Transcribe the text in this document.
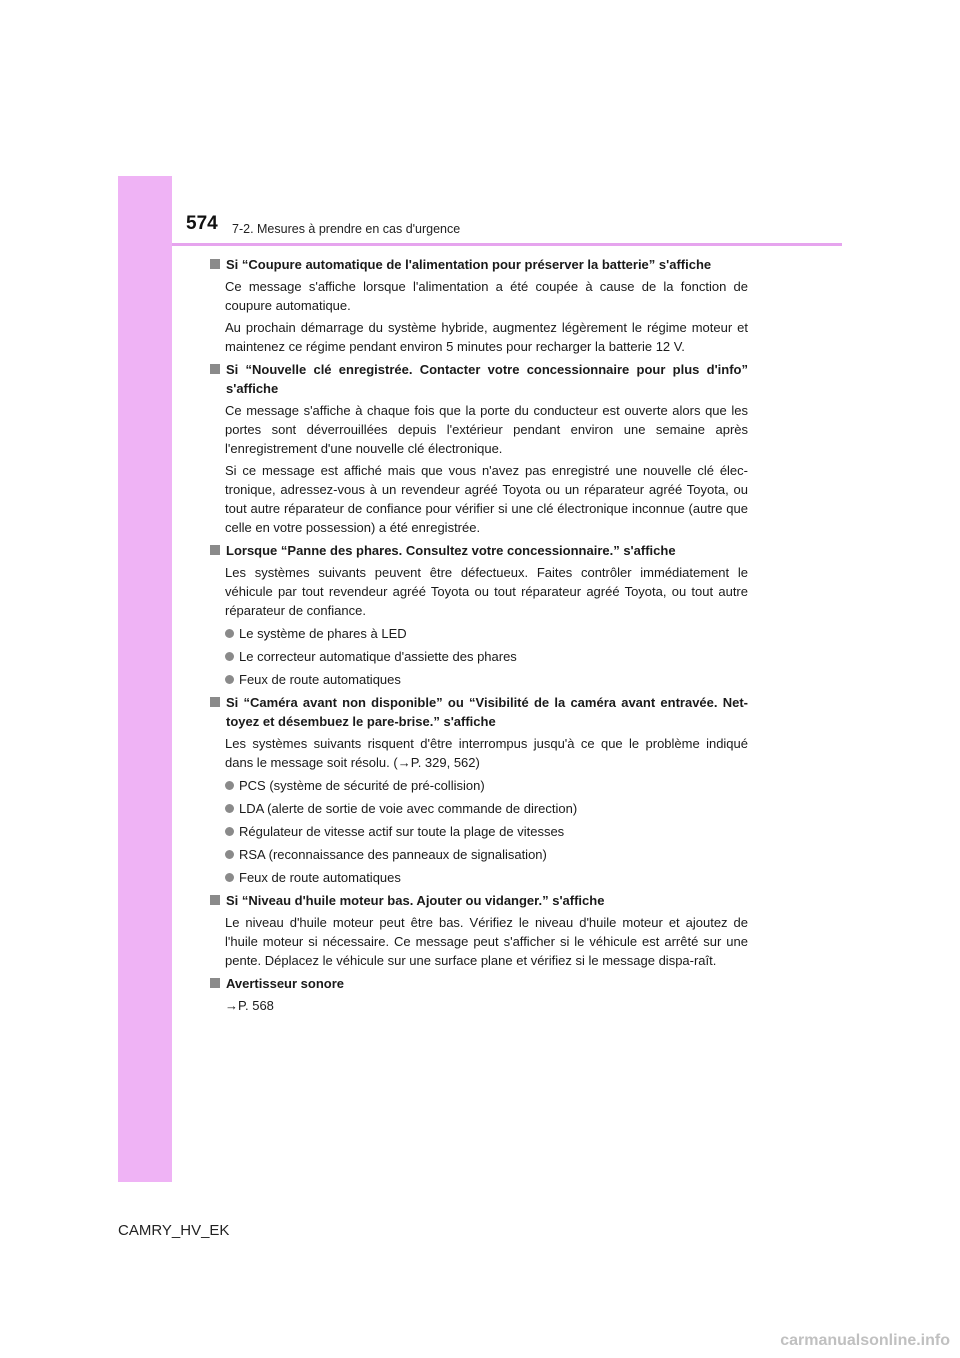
574 7-2. Mesures à prendre en cas d'urgence
Si “Coupure automatique de l'alimentation pour préserver la batterie” s'affiche
Ce message s'affiche lorsque l'alimentation a été coupée à cause de la fonction de coupure automatique.
Au prochain démarrage du système hybride, augmentez légèrement le régime moteur et maintenez ce régime pendant environ 5 minutes pour recharger la batterie 12 V.
Si “Nouvelle clé enregistrée. Contacter votre concessionnaire pour plus d'info” s'affiche
Ce message s'affiche à chaque fois que la porte du conducteur est ouverte alors que les portes sont déverrouillées depuis l'extérieur pendant environ une semaine après l'enregistrement d'une nouvelle clé électronique.
Si ce message est affiché mais que vous n'avez pas enregistré une nouvelle clé élec-tronique, adressez-vous à un revendeur agréé Toyota ou un réparateur agréé Toyota, ou tout autre réparateur de confiance pour vérifier si une clé électronique inconnue (autre que celle en votre possession) a été enregistrée.
Lorsque “Panne des phares. Consultez votre concessionnaire.” s'affiche
Les systèmes suivants peuvent être défectueux. Faites contrôler immédiatement le véhicule par tout revendeur agréé Toyota ou tout réparateur agréé Toyota, ou tout autre réparateur de confiance.
Le système de phares à LED
Le correcteur automatique d'assiette des phares
Feux de route automatiques
Si “Caméra avant non disponible” ou “Visibilité de la caméra avant entravée. Net-toyez et désembuez le pare-brise.” s'affiche
Les systèmes suivants risquent d'être interrompus jusqu'à ce que le problème indiqué dans le message soit résolu. (→P. 329, 562)
PCS (système de sécurité de pré-collision)
LDA (alerte de sortie de voie avec commande de direction)
Régulateur de vitesse actif sur toute la plage de vitesses
RSA (reconnaissance des panneaux de signalisation)
Feux de route automatiques
Si “Niveau d'huile moteur bas. Ajouter ou vidanger.” s'affiche
Le niveau d'huile moteur peut être bas. Vérifiez le niveau d'huile moteur et ajoutez de l'huile moteur si nécessaire. Ce message peut s'afficher si le véhicule est arrêté sur une pente. Déplacez le véhicule sur une surface plane et vérifiez si le message dispa-raît.
Avertisseur sonore
→P. 568
CAMRY_HV_EK
carmanualsonline.info
